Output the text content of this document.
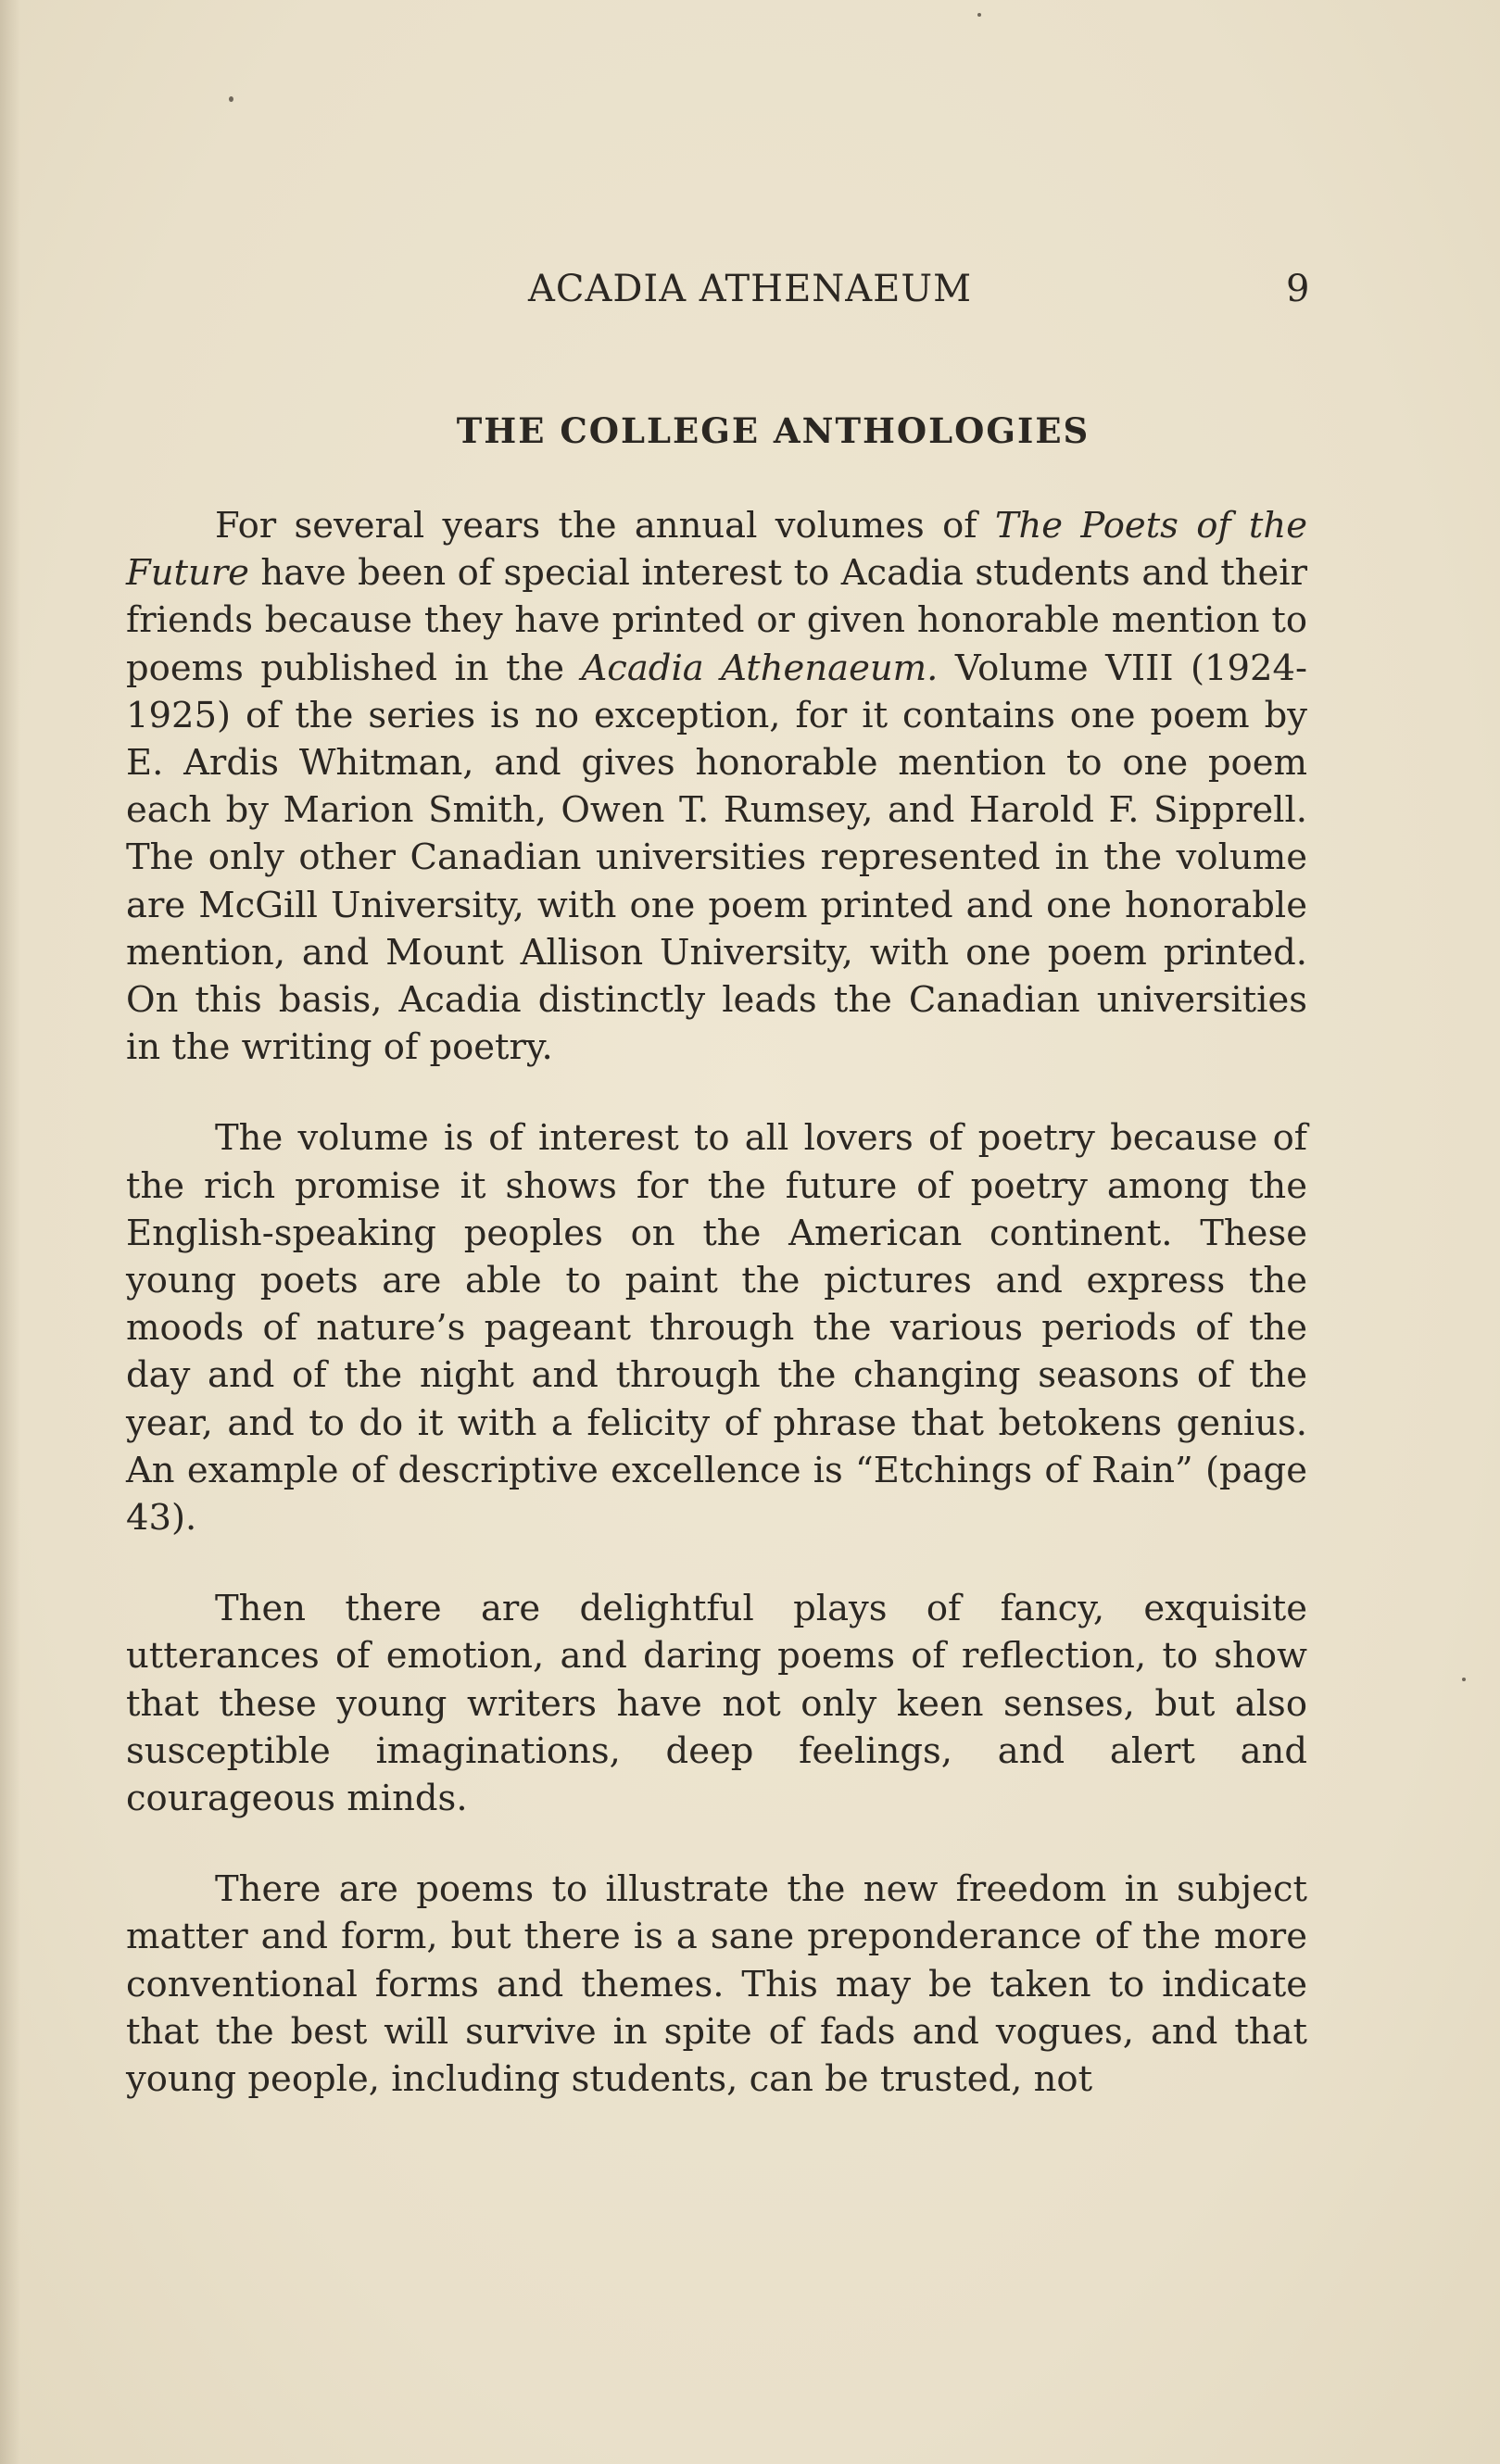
ACADIA ATHENAEUM	9
THE COLLEGE ANTHOLOGIES

For several years the annual volumes of The Poets of the Future have been of special interest to Acadia students and their friends because they have printed or given honorable mention to poems published in the Acadia Athenaeum. Volume VIII (1924-1925) of the series is no exception, for it contains one poem by E. Ardis Whitman, and gives honorable mention to one poem each by Marion Smith, Owen T. Rumsey, and Harold F. Sipprell. The only other Canadian universities represented in the volume are McGill University, with one poem printed and one honorable mention, and Mount Allison University, with one poem printed. On this basis, Acadia distinctly leads the Canadian universities in the writing of poetry.

The volume is of interest to all lovers of poetry because of the rich promise it shows for the future of poetry among the English-speaking peoples on the American continent. These young poets are able to paint the pictures and express the moods of nature’s pageant through the various periods of the day and of the night and through the changing seasons of the year, and to do it with a felicity of phrase that betokens genius. An example of descriptive excellence is “Etchings of Rain” (page 43).

Then there are delightful plays of fancy, exquisite utterances of emotion, and daring poems of reflection, to show that these young writers have not only keen senses, but also susceptible imaginations, deep feelings, and alert and courageous minds.

There are poems to illustrate the new freedom in subject matter and form, but there is a sane preponderance of the more conventional forms and themes. This may be taken to indicate that the best will survive in spite of fads and vogues, and that young people, including students, can be trusted, not
